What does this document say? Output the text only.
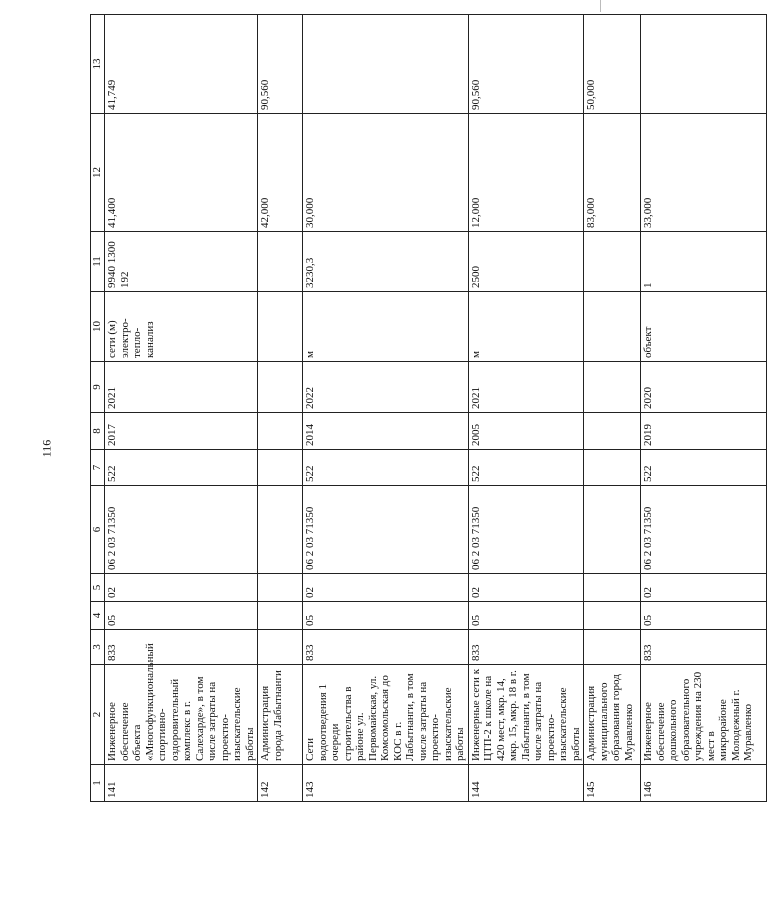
116
1	2	3	4	5	6	7	8	9	10	11	12	13
141	Инженерное обеспечение объекта «Многофункциональный спортивно-оздоровительный комплекс в г. Салехарде», в том числе затраты на проектно-изыскательские работы	833	05	02	06 2 03 71350	522	2017	2021	сети (м) электро- тепло- канализ	9940 1300 192	41,400	41,749
142	Администрация города Лабытнанги										42,000	90,560
143	Сети водоотведения 1 очереди строительства в районе ул. Первомайская, ул. Комсомольская до КОС в г. Лабытнанги, в том числе затраты на проектно-изыскательские работы	833	05	02	06 2 03 71350	522	2014	2022	м	3230,3	30,000	
144	Инженерные сети к ЦТП-2 к школе на 420 мест, мкр. 14, мкр. 15, мкр. 18 в г. Лабытнанги, в том числе затраты на проектно-изыскательские работы	833	05	02	06 2 03 71350	522	2005	2021	м	2500	12,000	90,560
145	Администрация муниципального образования город Муравленко										83,000	50,000
146	Инженерное обеспечение дошкольного образовательного учреждения на 230 мест в микрорайоне Молодежный г. Муравленко	833	05	02	06 2 03 71350	522	2019	2020	объект	1	33,000	
